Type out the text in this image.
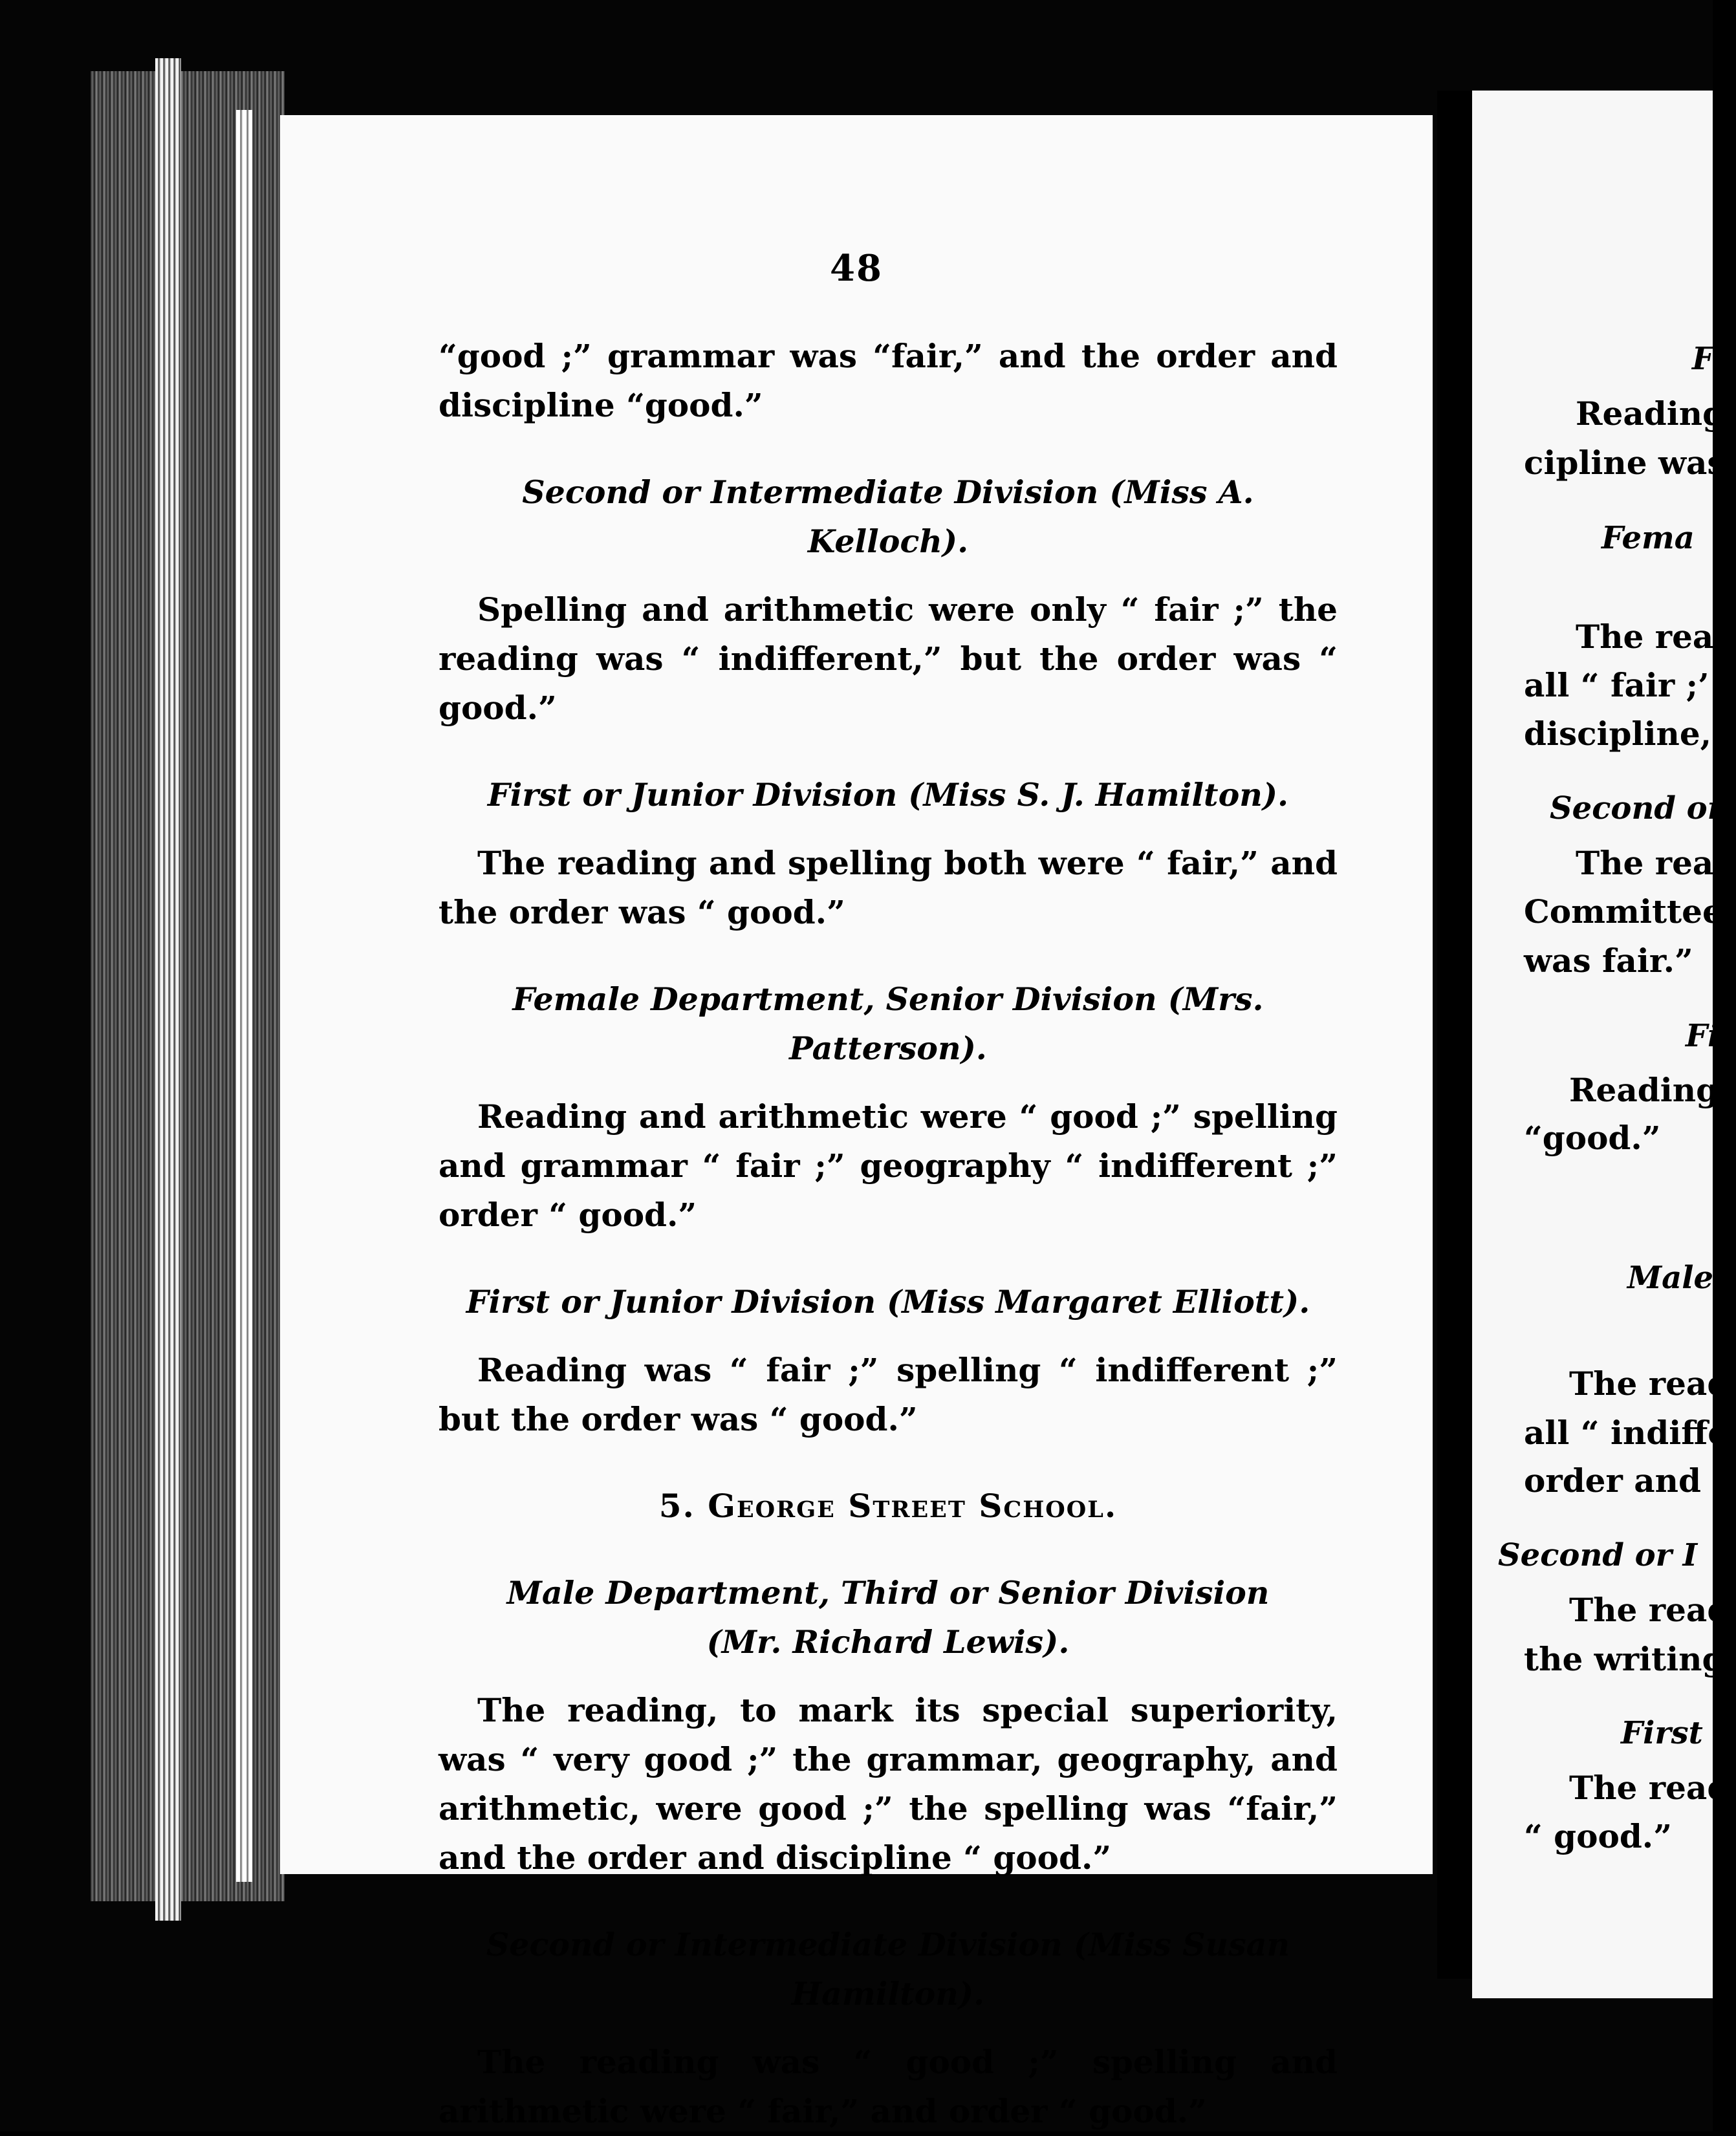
48

“good ;” grammar was “fair,” and the order and discipline “good.”

Second or Intermediate Division (Miss A. Kelloch).

Spelling and arithmetic were only “ fair ;” the reading was “ indifferent,” but the order was “ good.”

First or Junior Division (Miss S. J. Hamilton).

The reading and spelling both were “ fair,” and the order was “ good.”

Female Department, Senior Division (Mrs. Patterson).

Reading and arithmetic were “ good ;” spelling and grammar “ fair ;” geography “ indifferent ;” order “ good.”

First or Junior Division (Miss Margaret Elliott).

Reading was “ fair ;” spelling “ indifferent ;” but the order was “ good.”

5. George Street School.

Male Department, Third or Senior Division

(Mr. Richard Lewis).

The reading, to mark its special superiority, was “ very good ;” the grammar, geography, and arithmetic, were good ;” the spelling was “fair,” and the order and discipline “ good.”

Second or Intermediate Division (Miss Susan Hamilton).

The reading was “ good ;” spelling and arithmetic were “ fair,” and order “ good.”

F
Reading
cipline was
Fema
The reac
all “ fair ;’
discipline,
Second or
The read
Committee
was fair.”
Fi
Reading
“good.”
Male
The read
all “ indiffe
order and c
Second or I
The read
the writing
First
The read
“ good.”
